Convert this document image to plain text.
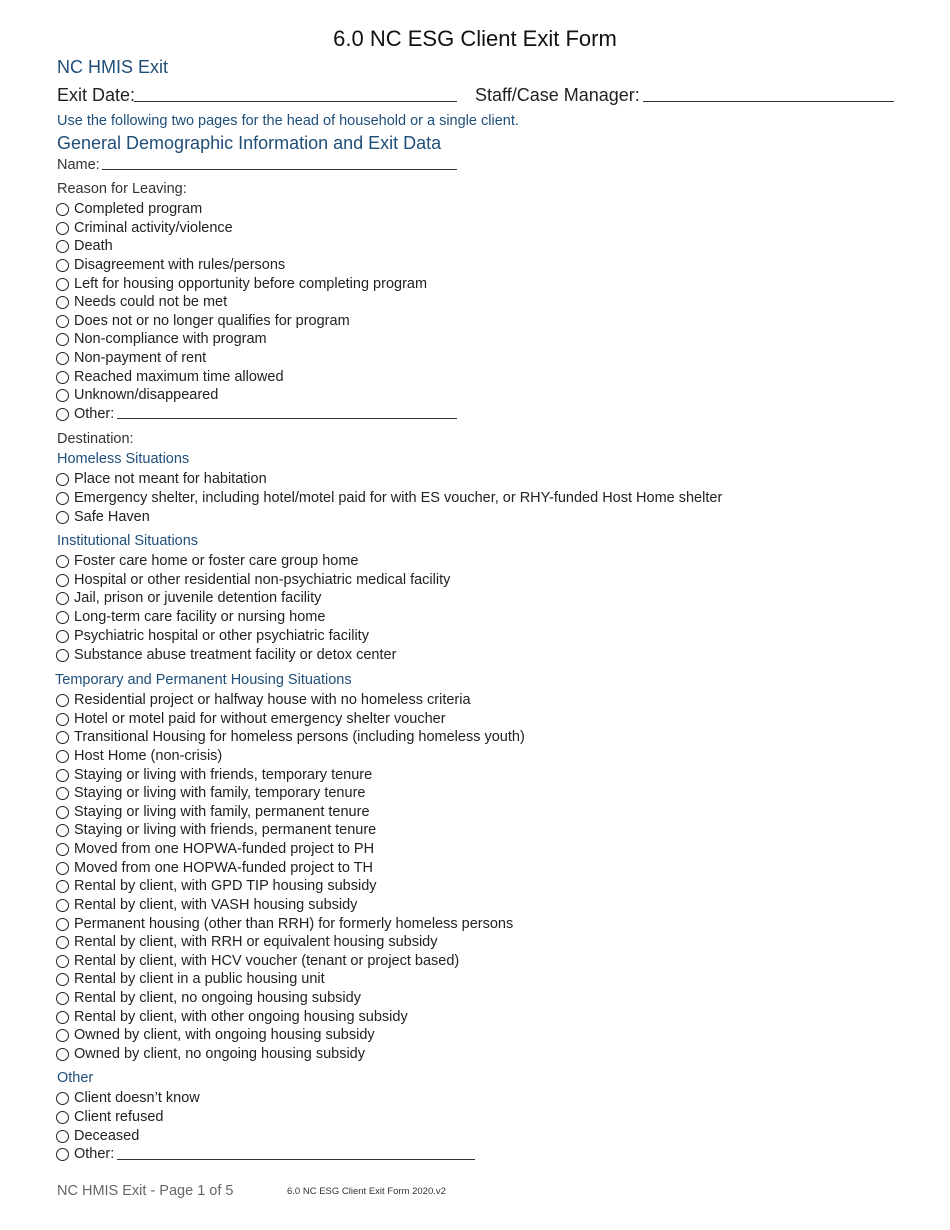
6.0 NC ESG Client Exit Form
NC HMIS Exit
Exit Date:	Staff/Case Manager:
Use the following two pages for the head of household or a single client.
General Demographic Information and Exit Data
Name:
Reason for Leaving:
Completed program
Criminal activity/violence
Death
Disagreement with rules/persons
Left for housing opportunity before completing program
Needs could not be met
Does not or no longer qualifies for program
Non-compliance with program
Non-payment of rent
Reached maximum time allowed
Unknown/disappeared
Other:
Destination:
Homeless Situations
Place not meant for habitation
Emergency shelter, including hotel/motel paid for with ES voucher, or RHY-funded Host Home shelter
Safe Haven
Institutional Situations
Foster care home or foster care group home
Hospital or other residential non-psychiatric medical facility
Jail, prison or juvenile detention facility
Long-term care facility or nursing home
Psychiatric hospital or other psychiatric facility
Substance abuse treatment facility or detox center
Temporary and Permanent Housing Situations
Residential project or halfway house with no homeless criteria
Hotel or motel paid for without emergency shelter voucher
Transitional Housing for homeless persons (including homeless youth)
Host Home (non-crisis)
Staying or living with friends, temporary tenure
Staying or living with family, temporary tenure
Staying or living with family, permanent tenure
Staying or living with friends, permanent tenure
Moved from one HOPWA-funded project to PH
Moved from one HOPWA-funded project to TH
Rental by client, with GPD TIP housing subsidy
Rental by client, with VASH housing subsidy
Permanent housing (other than RRH) for formerly homeless persons
Rental by client, with RRH or equivalent housing subsidy
Rental by client, with HCV voucher (tenant or project based)
Rental by client in a public housing unit
Rental by client, no ongoing housing subsidy
Rental by client, with other ongoing housing subsidy
Owned by client, with ongoing housing subsidy
Owned by client, no ongoing housing subsidy
Other
Client doesn’t know
Client refused
Deceased
Other:
NC HMIS Exit - Page 1 of 5	6.0 NC ESG Client Exit Form 2020.v2
